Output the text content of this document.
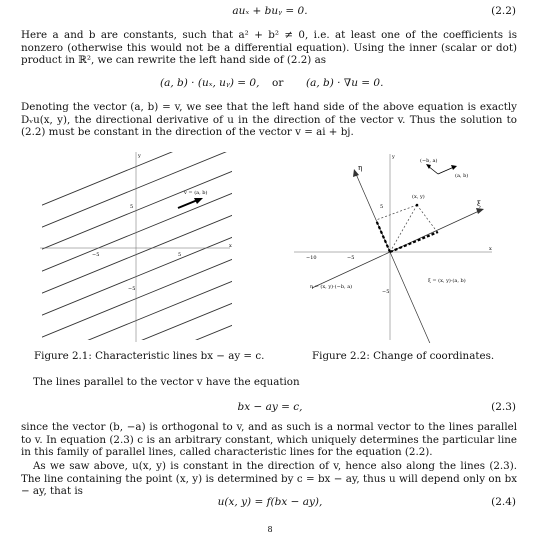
auₓ + buᵧ = 0.	(2.2)
Here a and b are constants, such that a² + b² ≠ 0, i.e. at least one of the coefficients is nonzero (otherwise this would not be a differential equation). Using the inner (scalar or dot) product in ℝ², we can rewrite the left hand side of (2.2) as
(a, b) · (uₓ, uᵧ) = 0, or (a, b) · ∇u = 0.
Denoting the vector (a, b) = v, we see that the left hand side of the above equation is exactly Dᵥu(x, y), the directional derivative of u in the direction of the vector v. Thus the solution to (2.2) must be constant in the direction of the vector v = ai + bj.
x
y
−5	5
5
−5
v = (a, b)
x
y
−10	−5
5
−5
η
ξ
(x, y)
(−b, a)
(a, b)
ξ = (x, y)·(a, b)
η = (x, y)·(−b, a)
Figure 2.1: Characteristic lines bx − ay = c.	Figure 2.2: Change of coordinates.
The lines parallel to the vector v have the equation
bx − ay = c,	(2.3)
since the vector (b, −a) is orthogonal to v, and as such is a normal vector to the lines parallel to v. In equation (2.3) c is an arbitrary constant, which uniquely determines the particular line in this family of parallel lines, called characteristic lines for the equation (2.2).
As we saw above, u(x, y) is constant in the direction of v, hence also along the lines (2.3). The line containing the point (x, y) is determined by c = bx − ay, thus u will depend only on bx − ay, that is
u(x, y) = f(bx − ay),	(2.4)
8
